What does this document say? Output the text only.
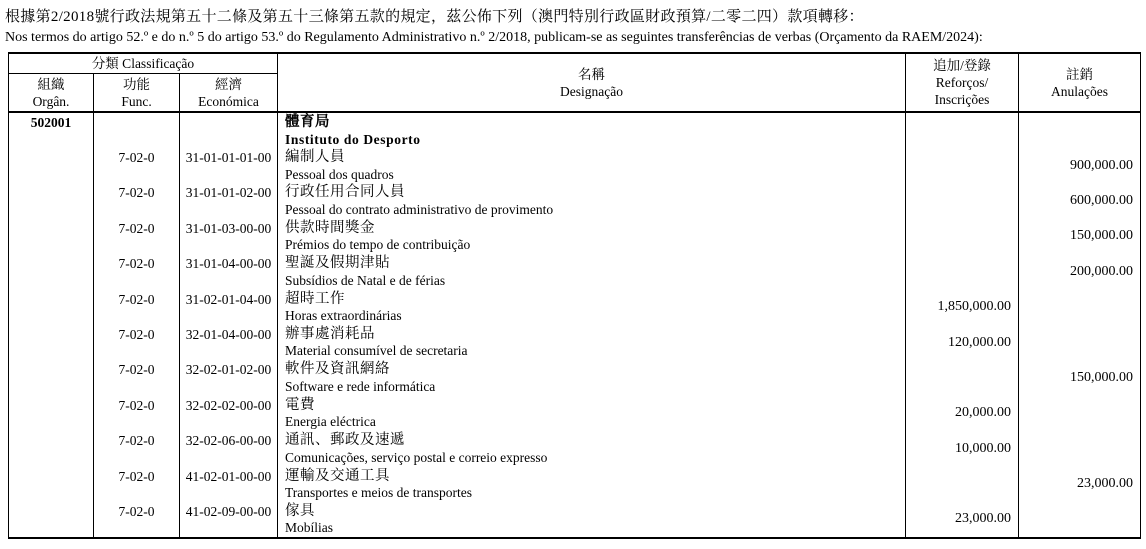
根據第2/2018號行政法規第五十二條及第五十三條第五款的規定，茲公佈下列（澳門特別行政區財政預算/二零二四）款項轉移：
Nos termos do artigo 52.º e do n.º 5 do artigo 53.º do Regulamento Administrativo n.º 2/2018, publicam-se as seguintes transferências de verbas (Orçamento da RAEM/2024):
分類 Classificação	
名稱
Designação

追加/登錄
Reforços/
Inscrições

註銷
Anulações

組織
Orgân.

功能
Func.

經濟
Económica

502001			體育局
Instituto do Desporto		

	7-02-0	31-01-01-01-00	編制人員
Pessoal dos quadros		900,000.00
	7-02-0	31-01-01-02-00	行政任用合同人員
Pessoal do contrato administrativo de provimento		600,000.00
	7-02-0	31-01-03-00-00	供款時間獎金
Prémios do tempo de contribuição		150,000.00
	7-02-0	31-01-04-00-00	聖誕及假期津貼
Subsídios de Natal e de férias		200,000.00
	7-02-0	31-02-01-04-00	超時工作
Horas extraordinárias	1,850,000.00	
	7-02-0	32-01-04-00-00	辦事處消耗品
Material consumível de secretaria	120,000.00	
	7-02-0	32-02-01-02-00	軟件及資訊網絡
Software e rede informática		150,000.00
	7-02-0	32-02-02-00-00	電費
Energia eléctrica	20,000.00	
	7-02-0	32-02-06-00-00	通訊、郵政及速遞
Comunicações, serviço postal e correio expresso	10,000.00	
	7-02-0	41-02-01-00-00	運輸及交通工具
Transportes e meios de transportes		23,000.00
	7-02-0	41-02-09-00-00	傢具
Mobílias	23,000.00	
